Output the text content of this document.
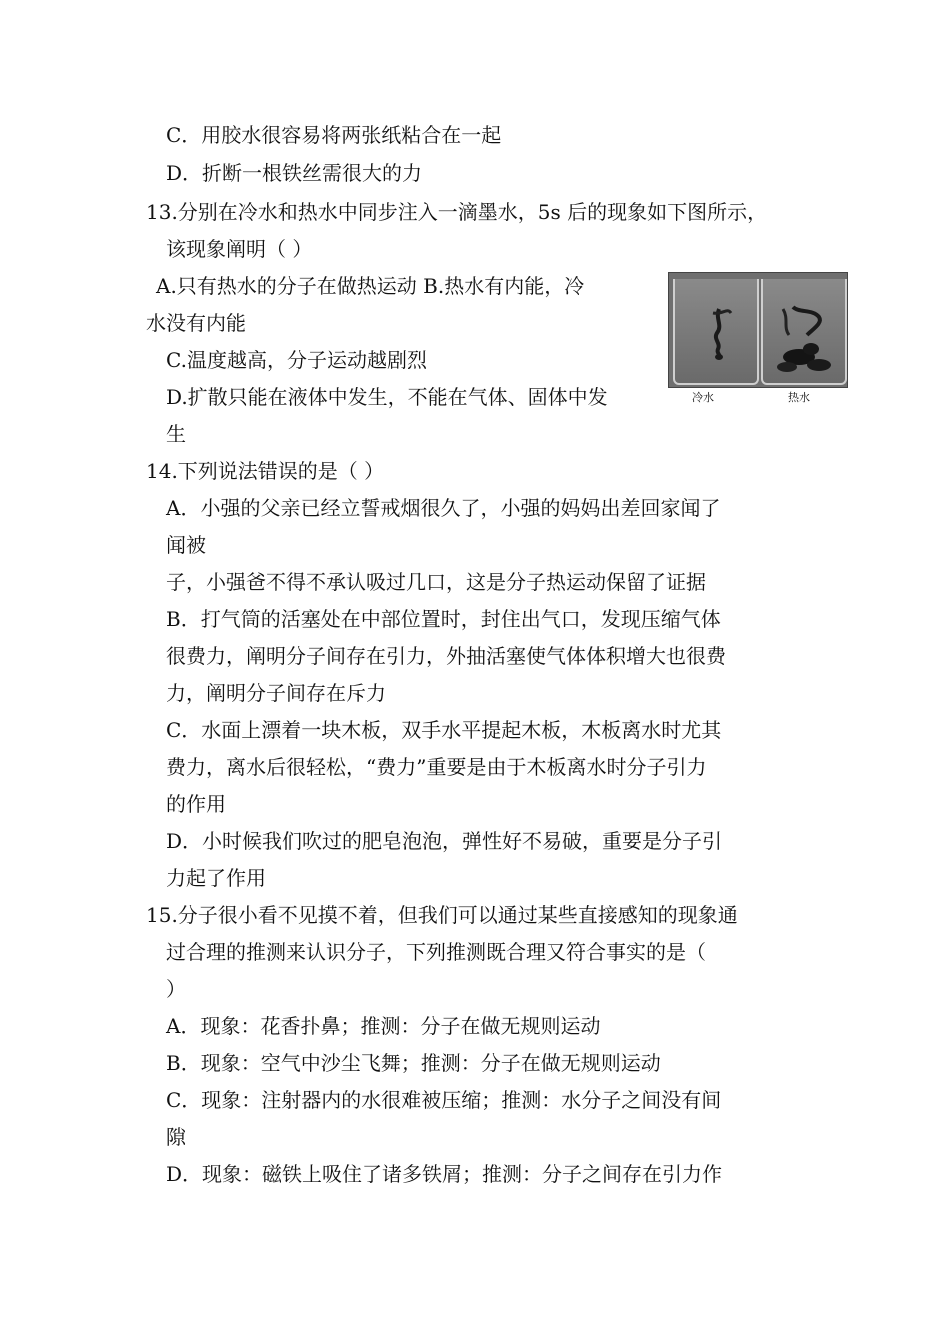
C．用胶水很容易将两张纸粘合在一起
D．折断一根铁丝需很大的力
13.分别在冷水和热水中同步注入一滴墨水，5s 后的现象如下图所示，
该现象阐明（ ）
A.只有热水的分子在做热运动 B.热水有内能，冷
水没有内能
C.温度越高，分子运动越剧烈
D.扩散只能在液体中发生，不能在气体、固体中发
生
冷水	热水
14.下列说法错误的是（ ）
A．小强的父亲已经立誓戒烟很久了，小强的妈妈出差回家闻了
闻被
子，小强爸不得不承认吸过几口，这是分子热运动保留了证据
B．打气筒的活塞处在中部位置时，封住出气口，发现压缩气体
很费力，阐明分子间存在引力，外抽活塞使气体体积增大也很费
力，阐明分子间存在斥力
C．水面上漂着一块木板，双手水平提起木板，木板离水时尤其
费力，离水后很轻松，“费力”重要是由于木板离水时分子引力
的作用
D．小时候我们吹过的肥皂泡泡，弹性好不易破，重要是分子引
力起了作用
15.分子很小看不见摸不着，但我们可以通过某些直接感知的现象通
过合理的推测来认识分子，下列推测既合理又符合事实的是（
）
A．现象：花香扑鼻；推测：分子在做无规则运动
B．现象：空气中沙尘飞舞；推测：分子在做无规则运动
C．现象：注射器内的水很难被压缩；推测：水分子之间没有间
隙
D．现象：磁铁上吸住了诸多铁屑；推测：分子之间存在引力作
